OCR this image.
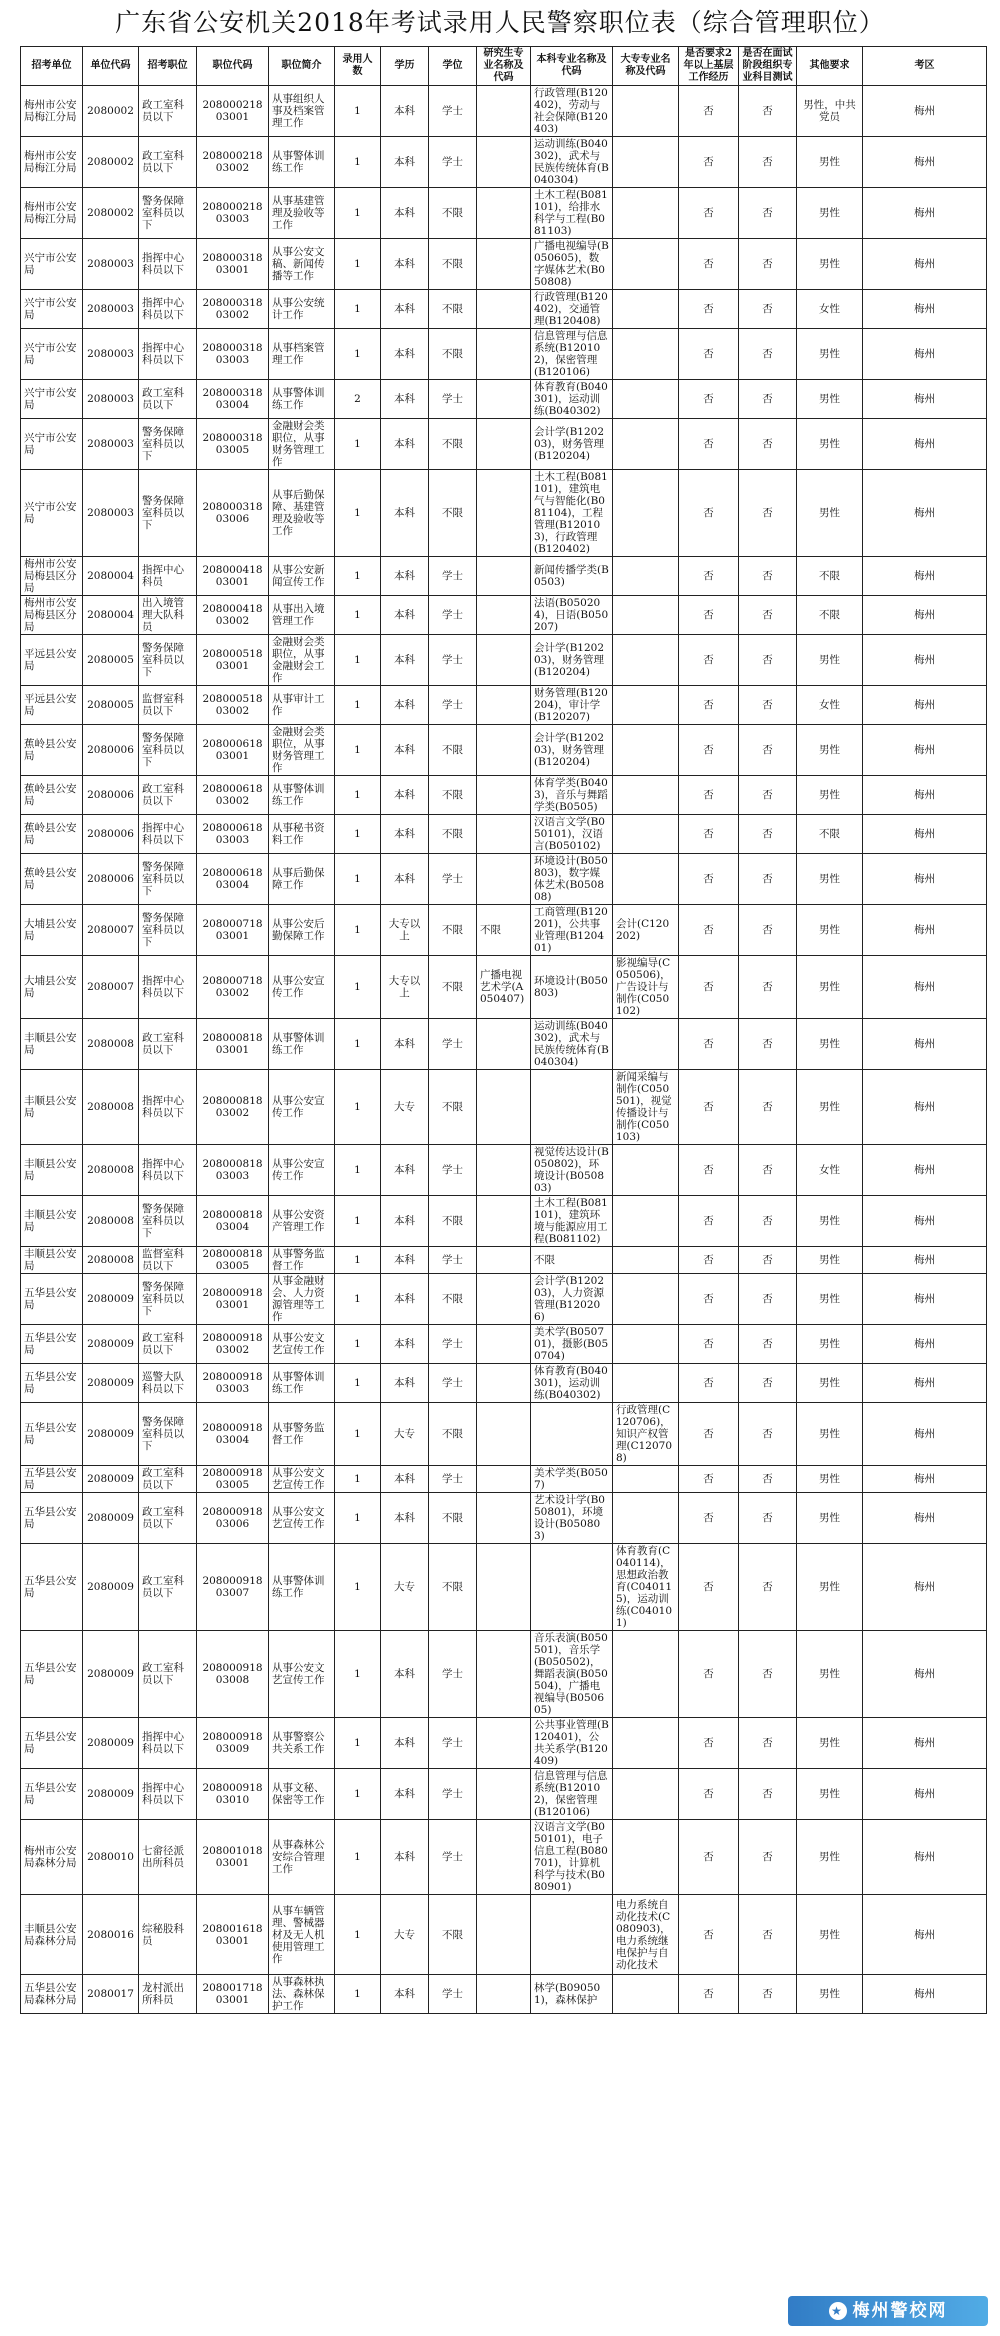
广东省公安机关2018年考试录用人民警察职位表（综合管理职位）
招考单位	单位代码	招考职位	职位代码	职位简介	录用人数	学历	学位	研究生专业名称及代码	本科专业名称及代码	大专专业名称及代码	是否要求2年以上基层工作经历	是否在面试阶段组织专业科目测试	其他要求	考区
梅州市公安局梅江分局	2080002	政工室科员以下	20800021803001	从事组织人事及档案管理工作	1	本科	学士		行政管理(B120402)，劳动与社会保障(B120403)		否	否	男性，中共党员	梅州
梅州市公安局梅江分局	2080002	政工室科员以下	20800021803002	从事警体训练工作	1	本科	学士		运动训练(B040302)，武术与民族传统体育(B040304)		否	否	男性	梅州
梅州市公安局梅江分局	2080002	警务保障室科员以下	20800021803003	从事基建管理及验收等工作	1	本科	不限		土木工程(B081101)，给排水科学与工程(B081103)		否	否	男性	梅州
兴宁市公安局	2080003	指挥中心科员以下	20800031803001	从事公安文稿、新闻传播等工作	1	本科	不限		广播电视编导(B050605)，数字媒体艺术(B050808)		否	否	男性	梅州
兴宁市公安局	2080003	指挥中心科员以下	20800031803002	从事公安统计工作	1	本科	不限		行政管理(B120402)，交通管理(B120408)		否	否	女性	梅州
兴宁市公安局	2080003	指挥中心科员以下	20800031803003	从事档案管理工作	1	本科	不限		信息管理与信息系统(B120102)，保密管理(B120106)		否	否	男性	梅州
兴宁市公安局	2080003	政工室科员以下	20800031803004	从事警体训练工作	2	本科	学士		体育教育(B040301)，运动训练(B040302)		否	否	男性	梅州
兴宁市公安局	2080003	警务保障室科员以下	20800031803005	金融财会类职位，从事财务管理工作	1	本科	不限		会计学(B120203)，财务管理(B120204)		否	否	男性	梅州
兴宁市公安局	2080003	警务保障室科员以下	20800031803006	从事后勤保障、基建管理及验收等工作	1	本科	不限		土木工程(B081101)，建筑电气与智能化(B081104)，工程管理(B120103)，行政管理(B120402)		否	否	男性	梅州
梅州市公安局梅县区分局	2080004	指挥中心科员	20800041803001	从事公安新闻宣传工作	1	本科	学士		新闻传播学类(B0503)		否	否	不限	梅州
梅州市公安局梅县区分局	2080004	出入境管理大队科员	20800041803002	从事出入境管理工作	1	本科	学士		法语(B050204)，日语(B050207)		否	否	不限	梅州
平远县公安局	2080005	警务保障室科员以下	20800051803001	金融财会类职位，从事金融财会工作	1	本科	学士		会计学(B120203)，财务管理(B120204)		否	否	男性	梅州
平远县公安局	2080005	监督室科员以下	20800051803002	从事审计工作	1	本科	学士		财务管理(B120204)，审计学(B120207)		否	否	女性	梅州
蕉岭县公安局	2080006	警务保障室科员以下	20800061803001	金融财会类职位，从事财务管理工作	1	本科	不限		会计学(B120203)，财务管理(B120204)		否	否	男性	梅州
蕉岭县公安局	2080006	政工室科员以下	20800061803002	从事警体训练工作	1	本科	不限		体育学类(B0403)，音乐与舞蹈学类(B0505)		否	否	男性	梅州
蕉岭县公安局	2080006	指挥中心科员以下	20800061803003	从事秘书资料工作	1	本科	不限		汉语言文学(B050101)，汉语言(B050102)		否	否	不限	梅州
蕉岭县公安局	2080006	警务保障室科员以下	20800061803004	从事后勤保障工作	1	本科	学士		环境设计(B050803)，数字媒体艺术(B050808)		否	否	男性	梅州
大埔县公安局	2080007	警务保障室科员以下	20800071803001	从事公安后勤保障工作	1	大专以上	不限	不限	工商管理(B120201)，公共事业管理(B120401)	会计(C120202)	否	否	男性	梅州
大埔县公安局	2080007	指挥中心科员以下	20800071803002	从事公安宣传工作	1	大专以上	不限	广播电视艺术学(A050407)	环境设计(B050803)	影视编导(C050506)，广告设计与制作(C050102)	否	否	男性	梅州
丰顺县公安局	2080008	政工室科员以下	20800081803001	从事警体训练工作	1	本科	学士		运动训练(B040302)，武术与民族传统体育(B040304)		否	否	男性	梅州
丰顺县公安局	2080008	指挥中心科员以下	20800081803002	从事公安宣传工作	1	大专	不限			新闻采编与制作(C050501)，视觉传播设计与制作(C050103)	否	否	男性	梅州
丰顺县公安局	2080008	指挥中心科员以下	20800081803003	从事公安宣传工作	1	本科	学士		视觉传达设计(B050802)，环境设计(B050803)		否	否	女性	梅州
丰顺县公安局	2080008	警务保障室科员以下	20800081803004	从事公安资产管理工作	1	本科	不限		土木工程(B081101)，建筑环境与能源应用工程(B081102)		否	否	男性	梅州
丰顺县公安局	2080008	监督室科员以下	20800081803005	从事警务监督工作	1	本科	学士		不限		否	否	男性	梅州
五华县公安局	2080009	警务保障室科员以下	20800091803001	从事金融财会、人力资源管理等工作	1	本科	不限		会计学(B120203)，人力资源管理(B120206)		否	否	男性	梅州
五华县公安局	2080009	政工室科员以下	20800091803002	从事公安文艺宣传工作	1	本科	学士		美术学(B050701)，摄影(B050704)		否	否	男性	梅州
五华县公安局	2080009	巡警大队科员以下	20800091803003	从事警体训练工作	1	本科	学士		体育教育(B040301)，运动训练(B040302)		否	否	男性	梅州
五华县公安局	2080009	警务保障室科员以下	20800091803004	从事警务监督工作	1	大专	不限			行政管理(C120706)，知识产权管理(C120708)	否	否	男性	梅州
五华县公安局	2080009	政工室科员以下	20800091803005	从事公安文艺宣传工作	1	本科	学士		美术学类(B0507)		否	否	男性	梅州
五华县公安局	2080009	政工室科员以下	20800091803006	从事公安文艺宣传工作	1	本科	不限		艺术设计学(B050801)，环境设计(B050803)		否	否	男性	梅州
五华县公安局	2080009	政工室科员以下	20800091803007	从事警体训练工作	1	大专	不限			体育教育(C040114)，思想政治教育(C040115)，运动训练(C040101)	否	否	男性	梅州
五华县公安局	2080009	政工室科员以下	20800091803008	从事公安文艺宣传工作	1	本科	学士		音乐表演(B050501)，音乐学(B050502)，舞蹈表演(B050504)，广播电视编导(B050605)		否	否	男性	梅州
五华县公安局	2080009	指挥中心科员以下	20800091803009	从事警察公共关系工作	1	本科	学士		公共事业管理(B120401)，公共关系学(B120409)		否	否	男性	梅州
五华县公安局	2080009	指挥中心科员以下	20800091803010	从事文秘、保密等工作	1	本科	学士		信息管理与信息系统(B120102)，保密管理(B120106)		否	否	男性	梅州
梅州市公安局森林分局	2080010	七畲径派出所科员	20800101803001	从事森林公安综合管理工作	1	本科	学士		汉语言文学(B050101)，电子信息工程(B080701)，计算机科学与技术(B080901)		否	否	男性	梅州
丰顺县公安局森林分局	2080016	综秘股科员	20800161803001	从事车辆管理、警械器材及无人机使用管理工作	1	大专	不限			电力系统自动化技术(C080903)，电力系统继电保护与自动化技术	否	否	男性	梅州
五华县公安局森林分局	2080017	龙村派出所科员	20800171803001	从事森林执法、森林保护工作	1	本科	学士		林学(B090501)，森林保护		否	否	男性	梅州
★ 梅州警校网
